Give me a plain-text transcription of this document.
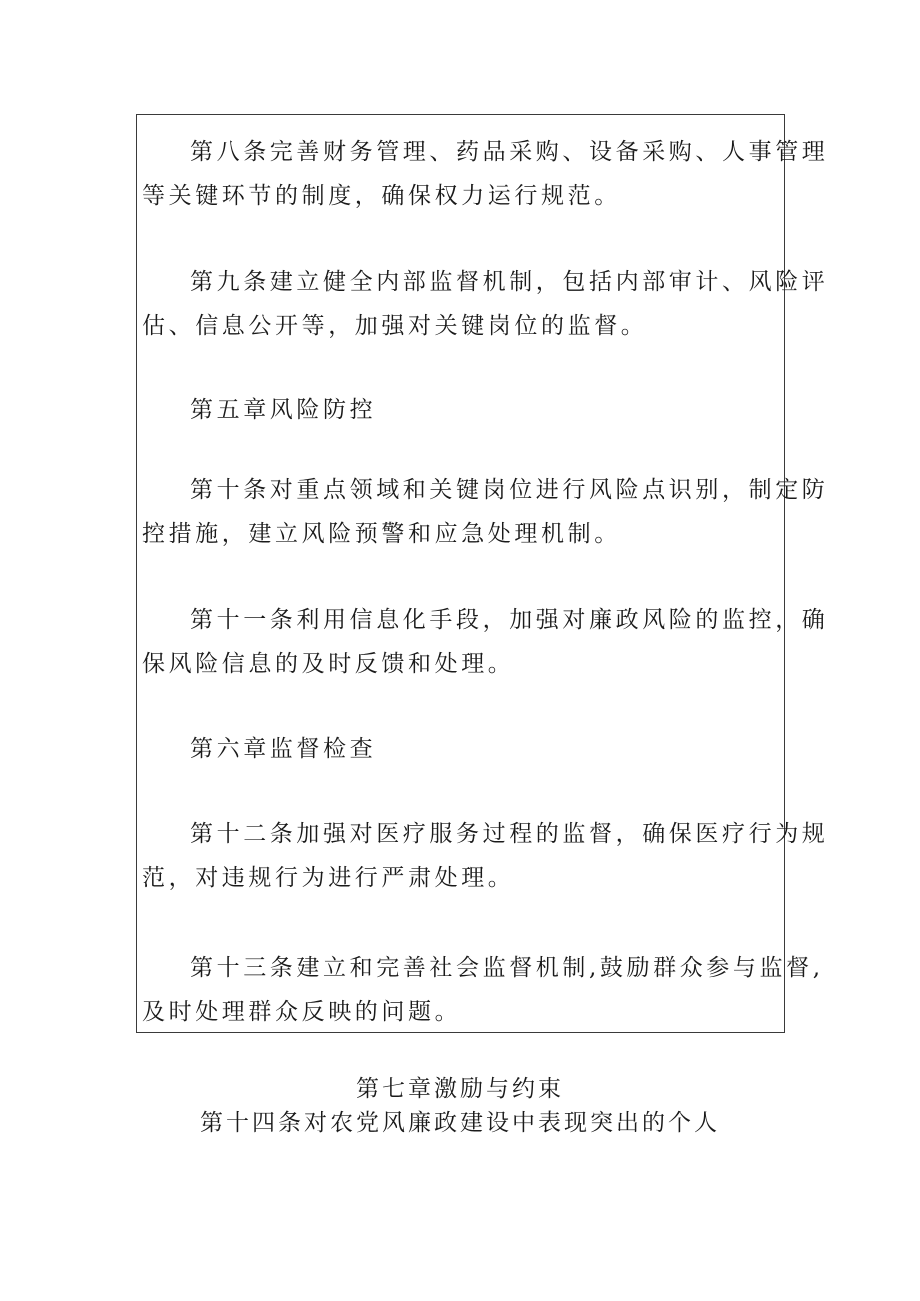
第八条完善财务管理、药品采购、设备采购、人事管理
等关键环节的制度，确保权力运行规范。

第九条建立健全内部监督机制，包括内部审计、风险评
估、信息公开等，加强对关键岗位的监督。

第五章风险防控

第十条对重点领域和关键岗位进行风险点识别，制定防
控措施，建立风险预警和应急处理机制。

第十一条利用信息化手段，加强对廉政风险的监控，确
保风险信息的及时反馈和处理。

第六章监督检查

第十二条加强对医疗服务过程的监督，确保医疗行为规
范，对违规行为进行严肃处理。

第十三条建立和完善社会监督机制,鼓励群众参与监督,
及时处理群众反映的问题。

第七章激励与约束

第十四条对农党风廉政建设中表现突出的个人
